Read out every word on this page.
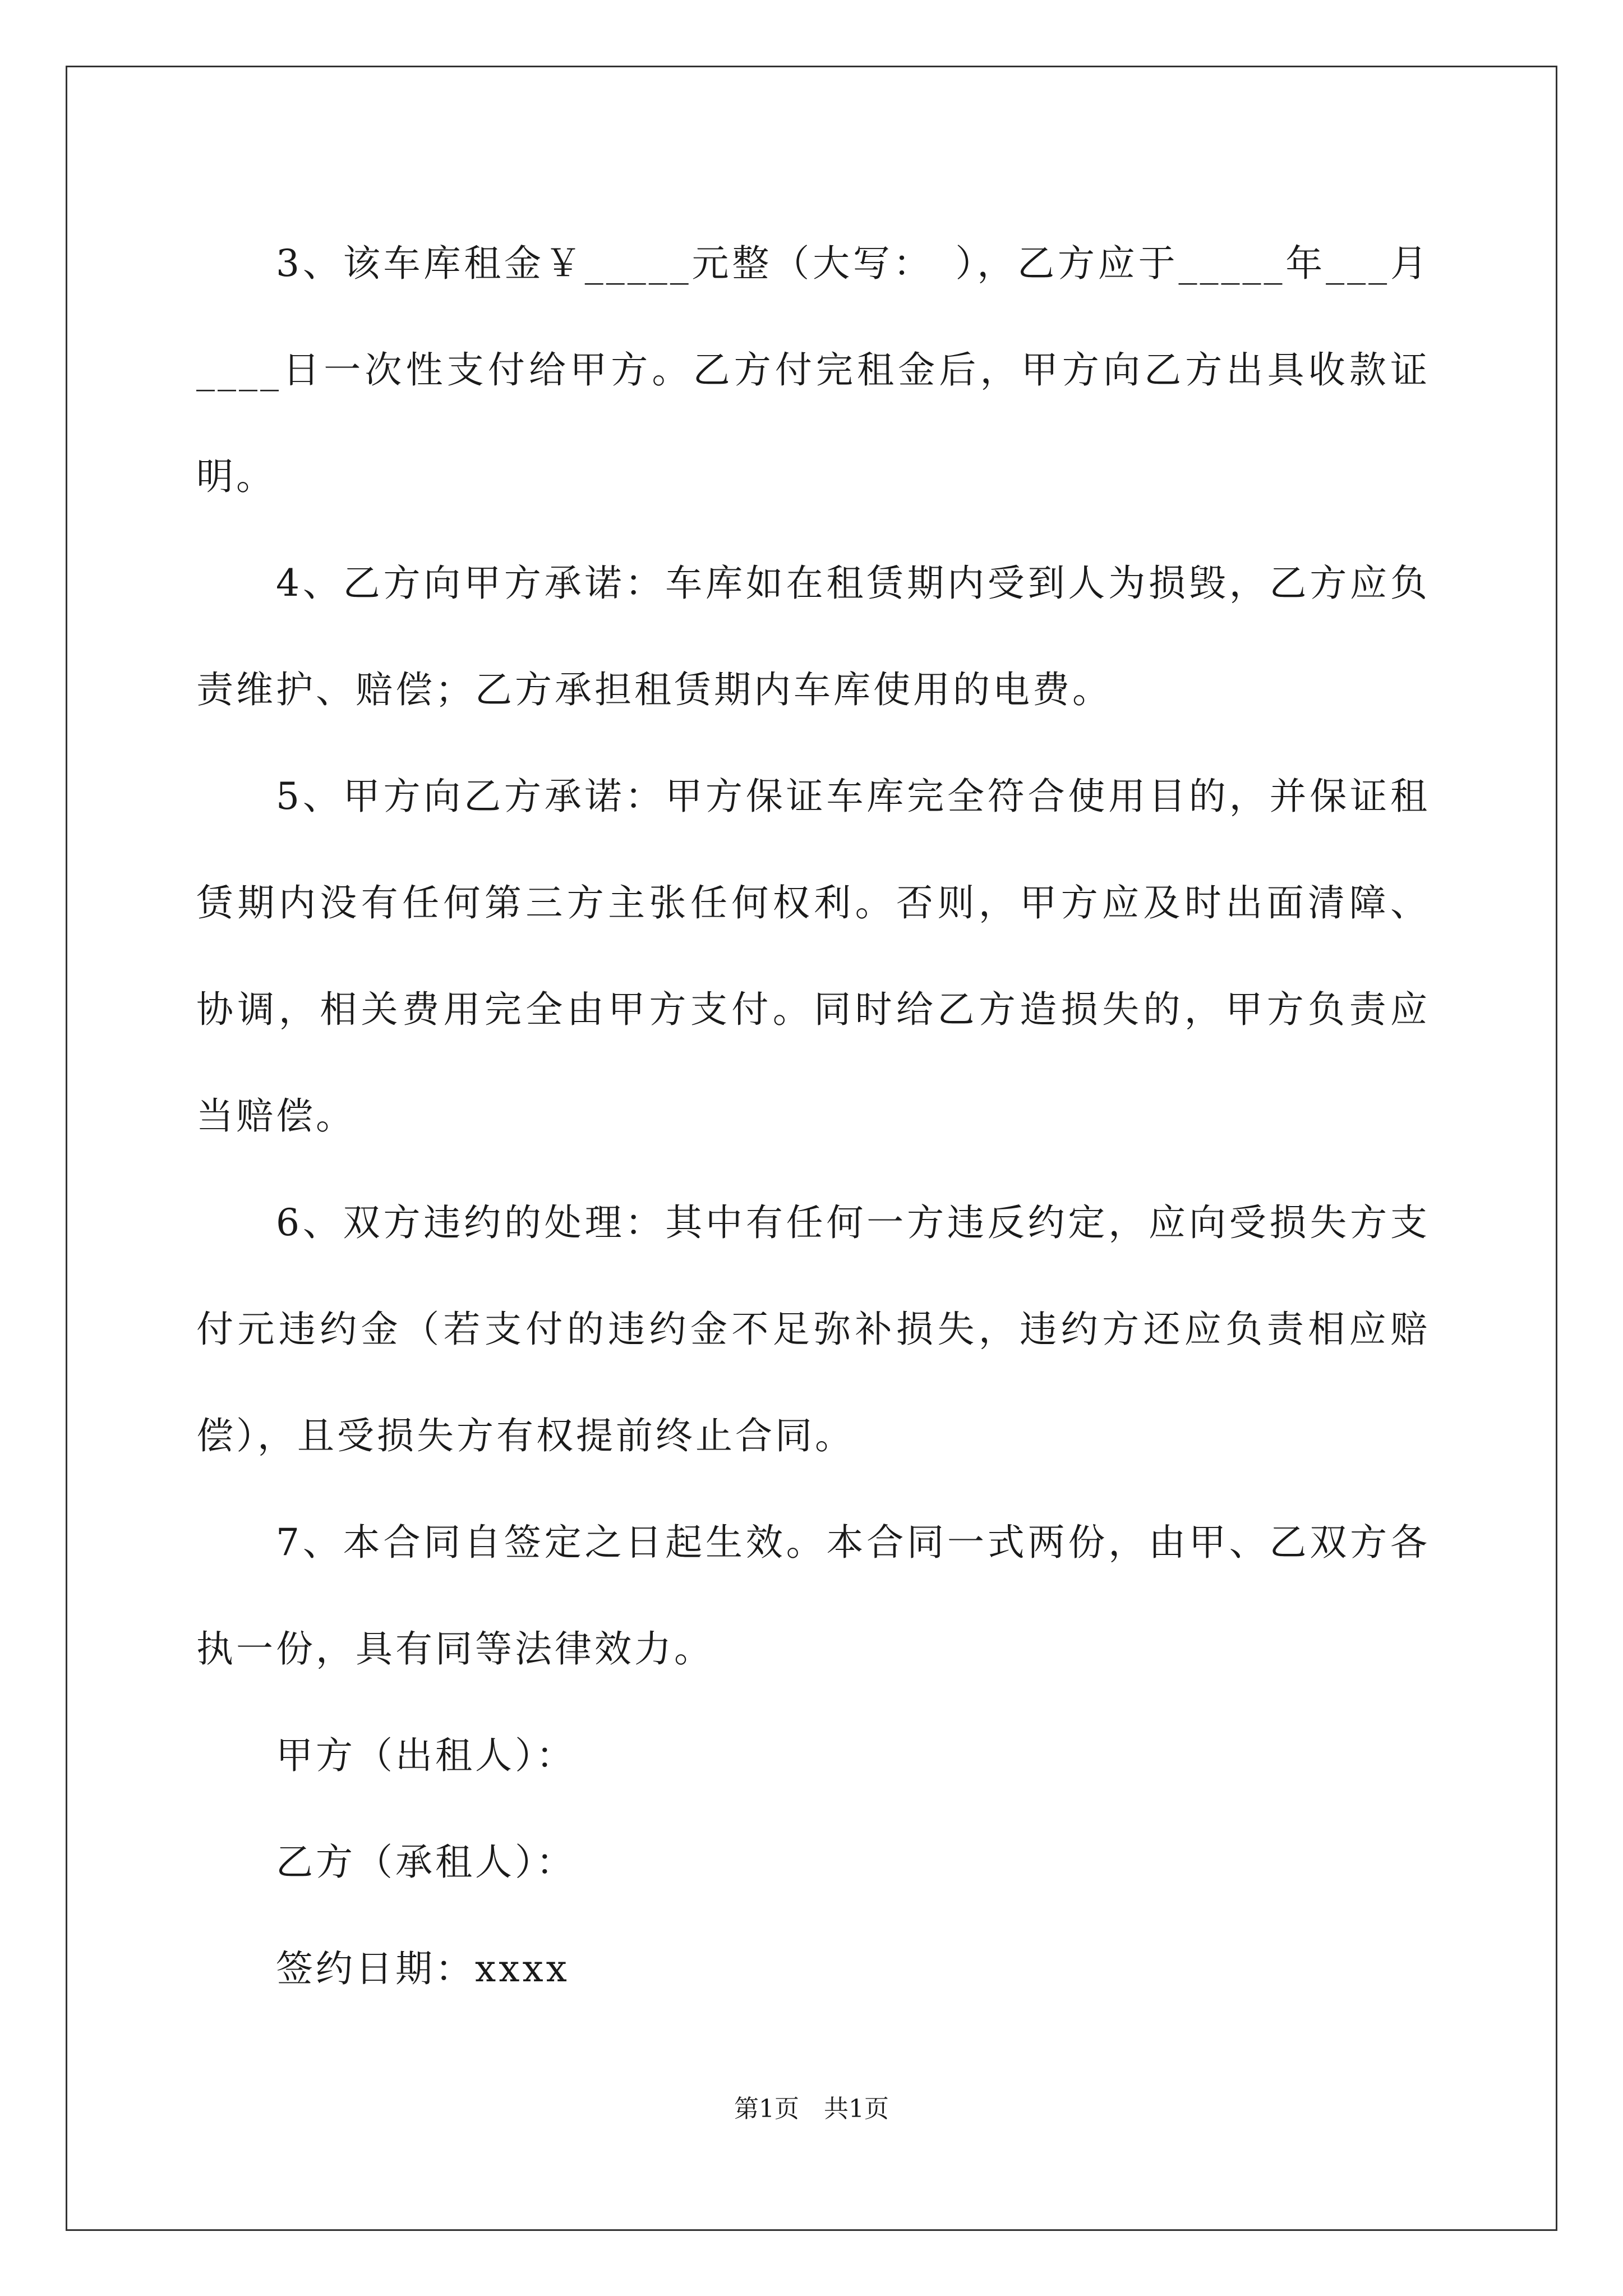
3、该车库租金￥_____元整（大写：　），乙方应于_____年___月____日一次性支付给甲方。乙方付完租金后，甲方向乙方出具收款证明。

4、乙方向甲方承诺：车库如在租赁期内受到人为损毁，乙方应负责维护、赔偿；乙方承担租赁期内车库使用的电费。

5、甲方向乙方承诺：甲方保证车库完全符合使用目的，并保证租赁期内没有任何第三方主张任何权利。否则，甲方应及时出面清障、协调，相关费用完全由甲方支付。同时给乙方造损失的，甲方负责应当赔偿。

6、双方违约的处理：其中有任何一方违反约定，应向受损失方支付元违约金（若支付的违约金不足弥补损失，违约方还应负责相应赔偿），且受损失方有权提前终止合同。

7、本合同自签定之日起生效。本合同一式两份，由甲、乙双方各执一份，具有同等法律效力。

甲方（出租人）：

乙方（承租人）：

签约日期：xxxx

第1页　共1页
